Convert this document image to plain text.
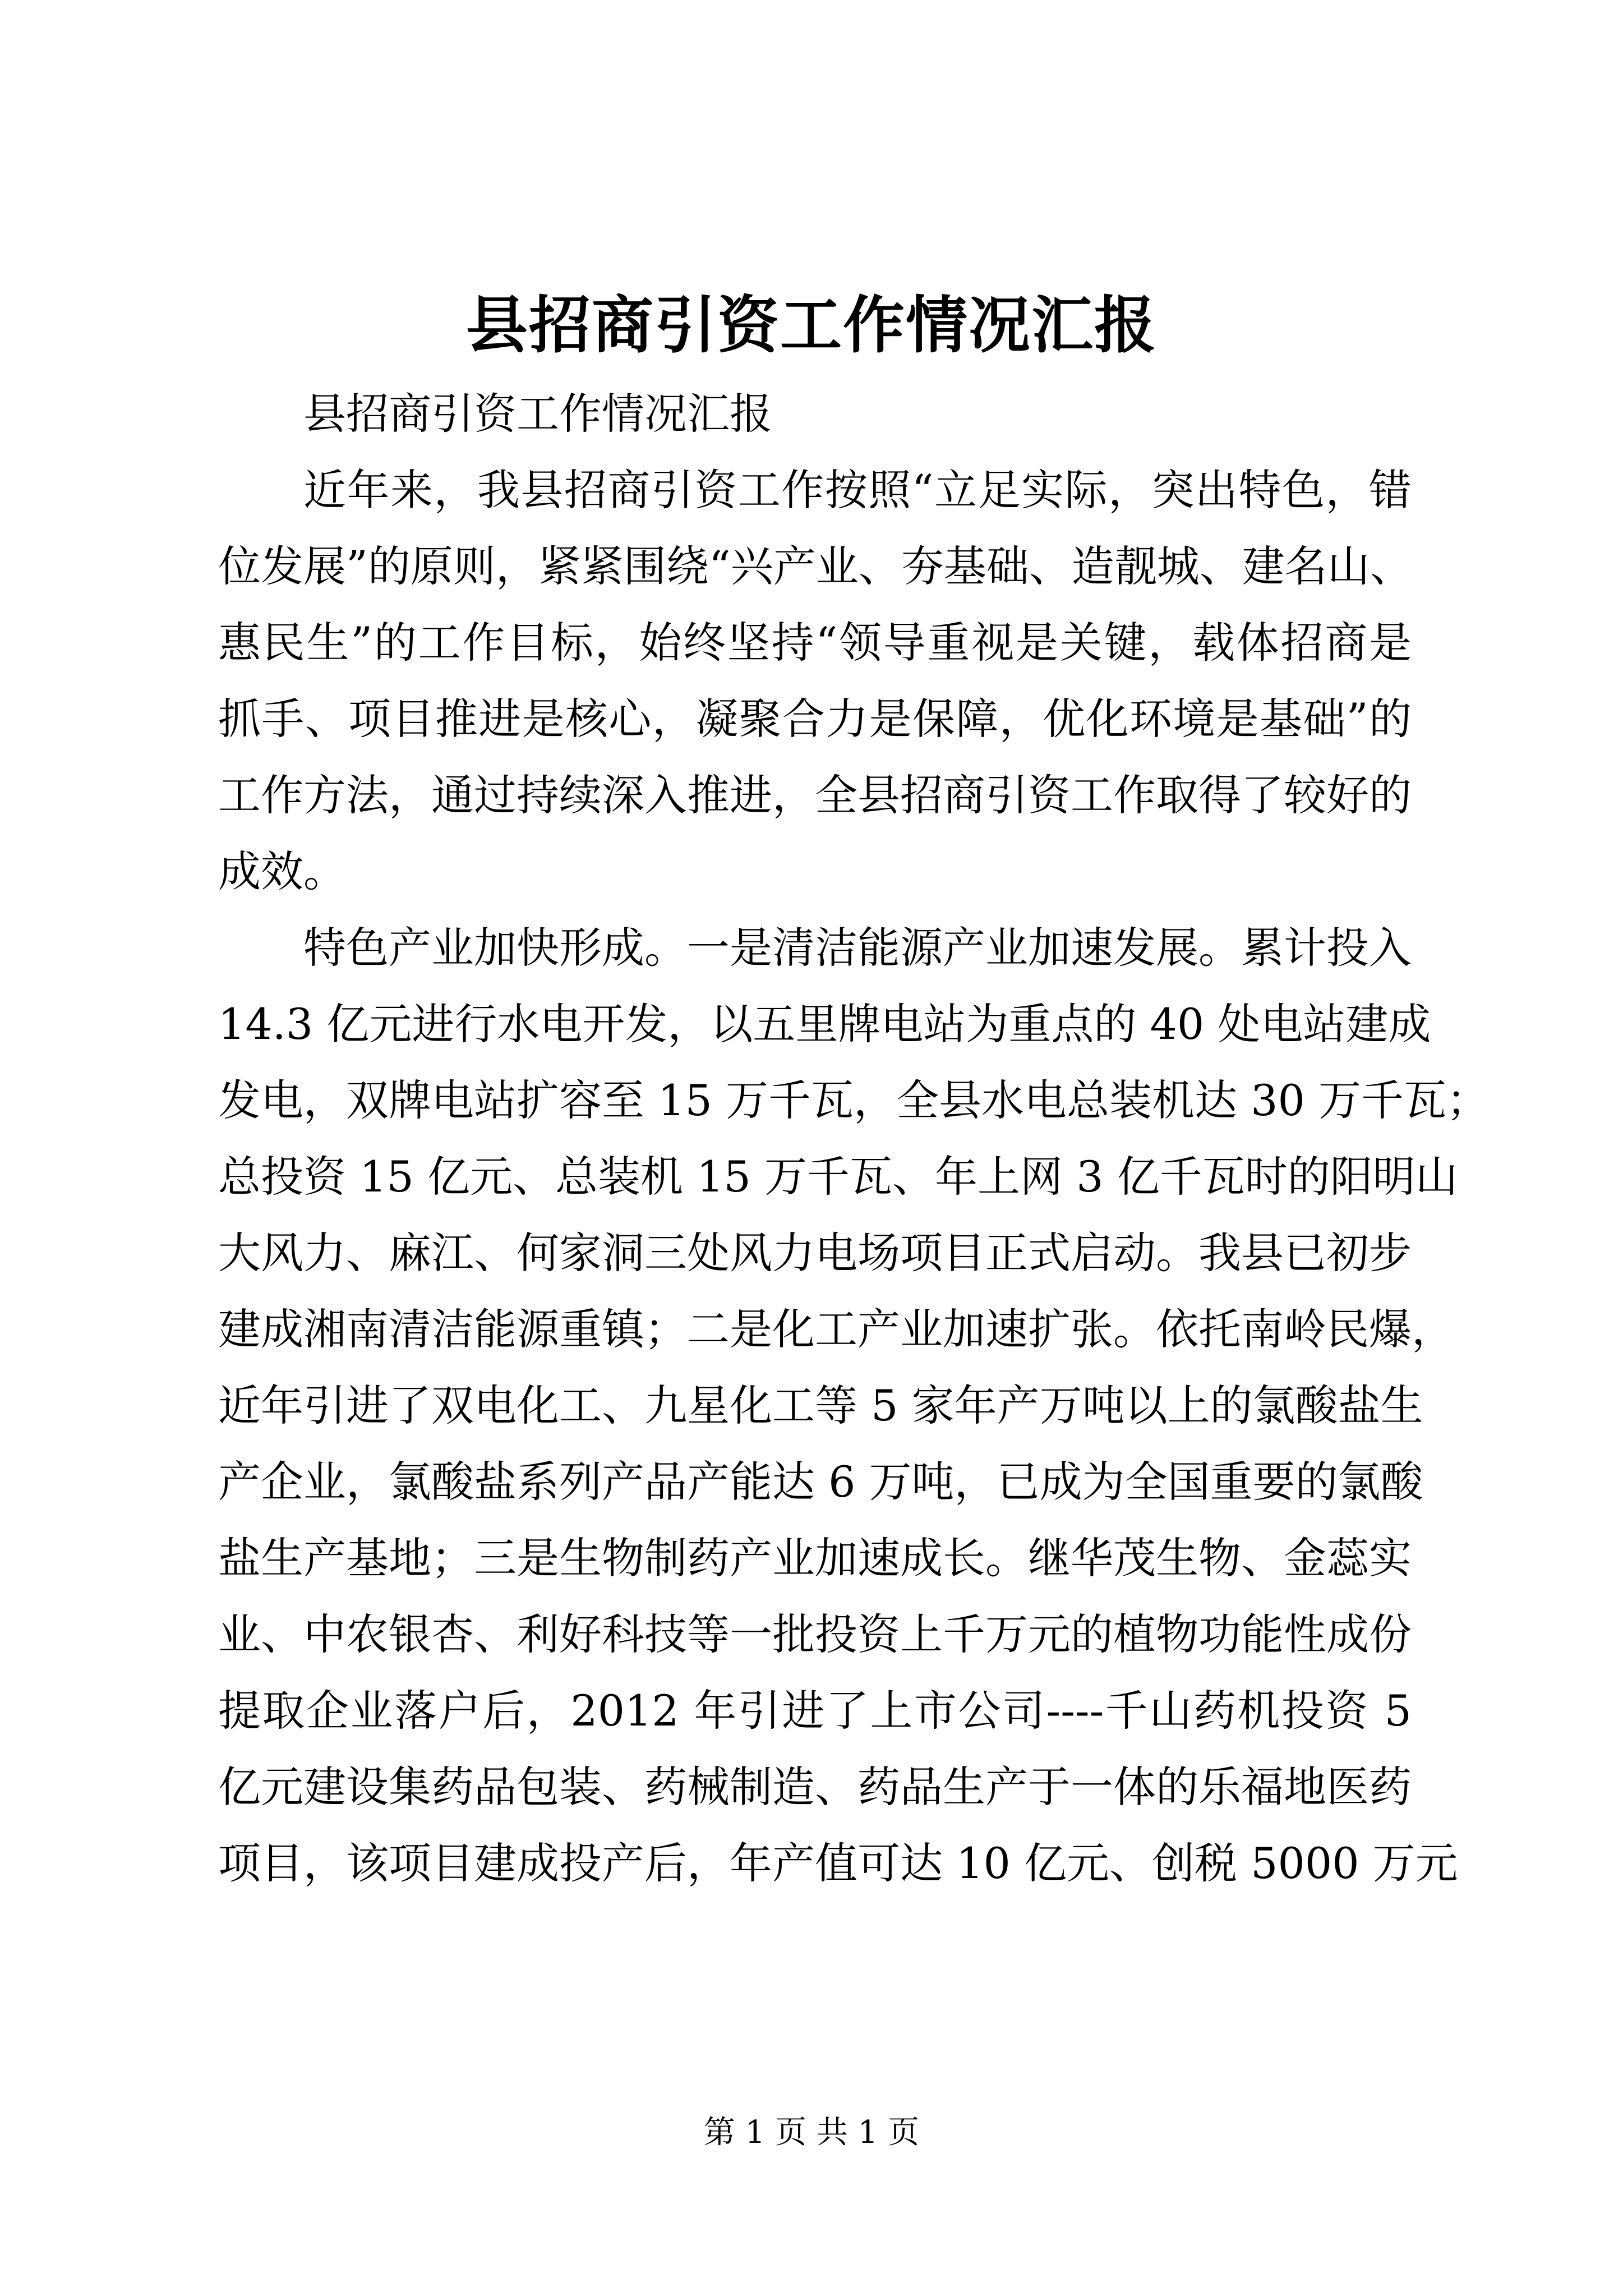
县招商引资工作情况汇报
县招商引资工作情况汇报
近年来，我县招商引资工作按照“立足实际，突出特色，错
位发展”的原则，紧紧围绕“兴产业、夯基础、造靓城、建名山、
惠民生”的工作目标，始终坚持“领导重视是关键，载体招商是
抓手、项目推进是核心，凝聚合力是保障，优化环境是基础”的
工作方法，通过持续深入推进，全县招商引资工作取得了较好的
成效。
特色产业加快形成。一是清洁能源产业加速发展。累计投入
14.3 亿元进行水电开发，以五里牌电站为重点的 40 处电站建成
发电，双牌电站扩容至 15 万千瓦，全县水电总装机达 30 万千瓦；
总投资 15 亿元、总装机 15 万千瓦、年上网 3 亿千瓦时的阳明山
大风力、麻江、何家洞三处风力电场项目正式启动。我县已初步
建成湘南清洁能源重镇；二是化工产业加速扩张。依托南岭民爆，
近年引进了双电化工、九星化工等 5 家年产万吨以上的氯酸盐生
产企业，氯酸盐系列产品产能达 6 万吨，已成为全国重要的氯酸
盐生产基地；三是生物制药产业加速成长。继华茂生物、金蕊实
业、中农银杏、利好科技等一批投资上千万元的植物功能性成份
提取企业落户后，2012 年引进了上市公司----千山药机投资 5
亿元建设集药品包装、药械制造、药品生产于一体的乐福地医药
项目，该项目建成投产后，年产值可达 10 亿元、创税 5000 万元
第 1 页 共 1 页
